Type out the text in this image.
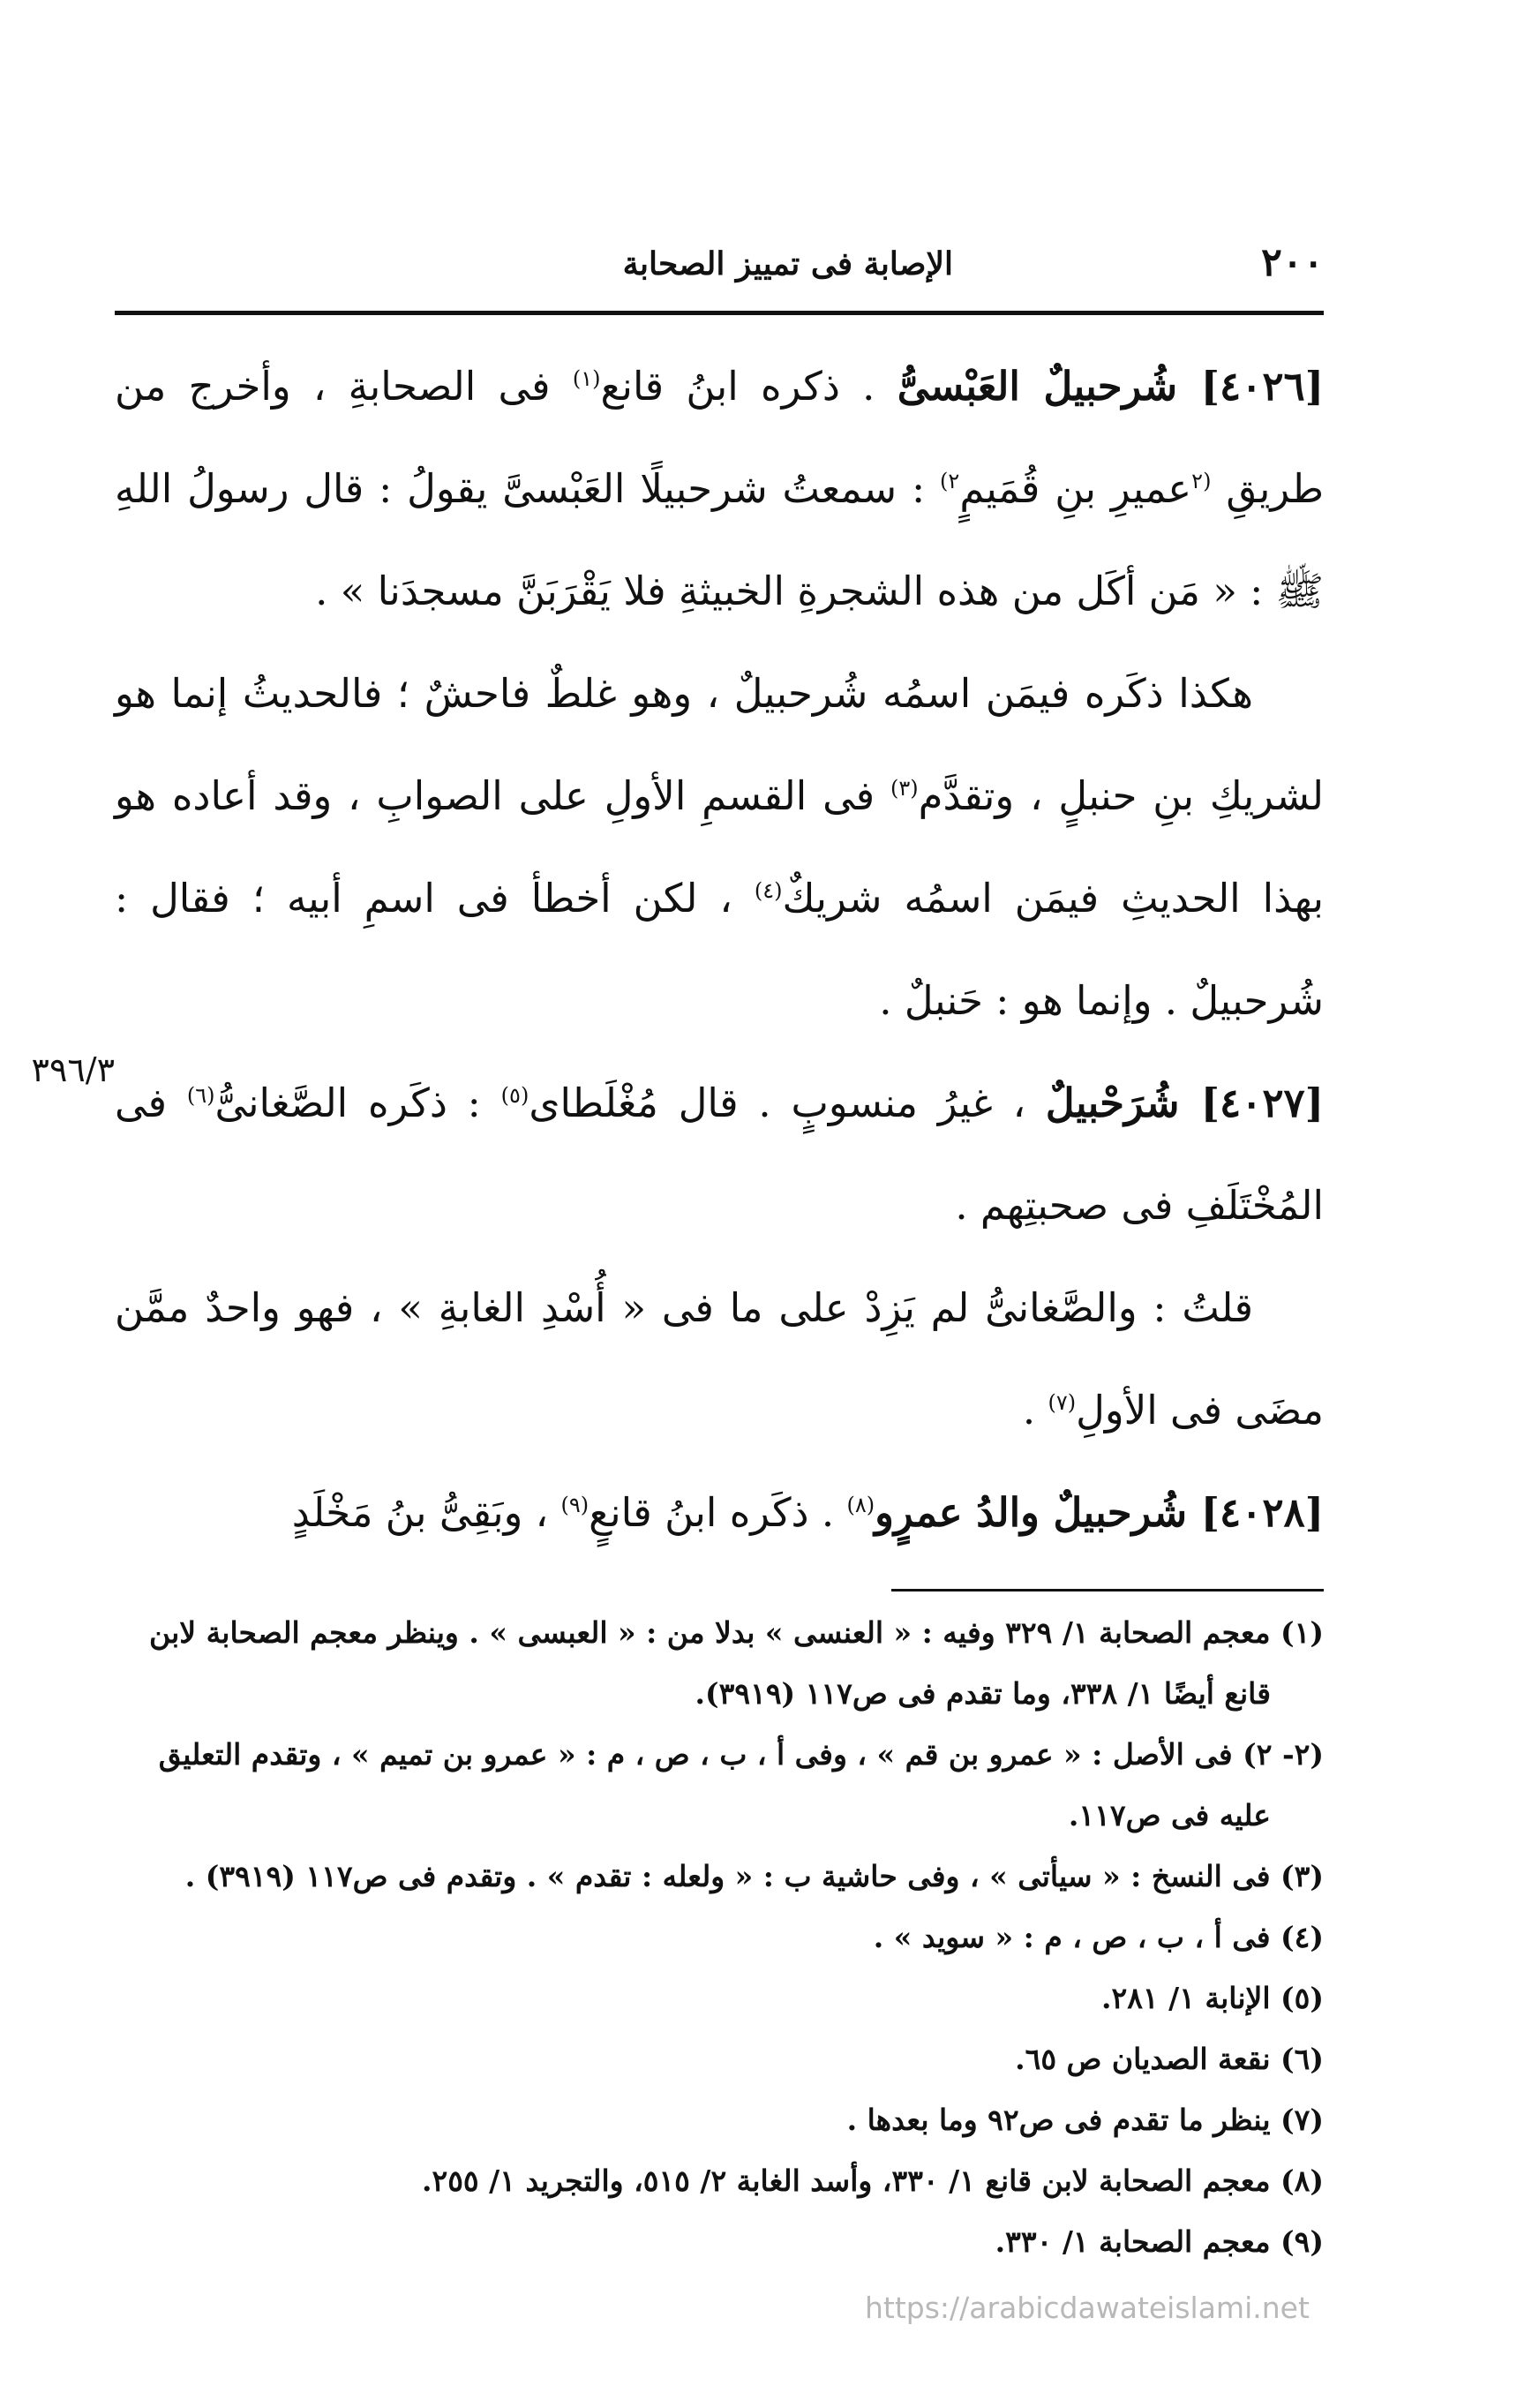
٢٠٠
الإصابة فى تمييز الصحابة
٣٩٦/٣

[٤٠٢٦] شُرحبيلٌ العَبْسىُّ . ذكره ابنُ قانع$^{(١)}$ فى الصحابةِ ، وأخرج من طريقِ $^{(٢}$عميرِ بنِ قُمَيمٍ$^{٢)}$ : سمعتُ شرحبيلًا العَبْسىَّ يقولُ : قال رسولُ اللهِ ﷺ : « مَن أكَل من هذه الشجرةِ الخبيثةِ فلا يَقْرَبَنَّ مسجدَنا » .

هكذا ذكَره فيمَن اسمُه شُرحبيلٌ ، وهو غلطٌ فاحشٌ ؛ فالحديثُ إنما هو لشريكِ بنِ حنبلٍ ، وتقدَّم$^{(٣)}$ فى القسمِ الأولِ على الصوابِ ، وقد أعاده هو بهذا الحديثِ فيمَن اسمُه شريكٌ$^{(٤)}$ ، لكن أخطأ فى اسمِ أبيه ؛ فقال : شُرحبيلٌ . وإنما هو : حَنبلٌ .

[٤٠٢٧] شُرَحْبيلٌ ، غيرُ منسوبٍ . قال مُغْلَطاى$^{(٥)}$ : ذكَره الصَّغانىُّ$^{(٦)}$ فى المُخْتَلَفِ فى صحبتِهم .

قلتُ : والصَّغانىُّ لم يَزِدْ على ما فى « أُسْدِ الغابةِ » ، فهو واحدٌ ممَّن مضَى فى الأولِ$^{(٧)}$ .

[٤٠٢٨] شُرحبيلٌ والدُ عمرٍو$^{(٨)}$ . ذكَره ابنُ قانعٍ$^{(٩)}$ ، وبَقِىُّ بنُ مَخْلَدٍ

(١) معجم الصحابة ١/ ٣٢٩ وفيه : « العنسى » بدلا من : « العبسى » . وينظر معجم الصحابة لابن
قانع أيضًا ١/ ٣٣٨، وما تقدم فى ص١١٧ (٣٩١٩).
(٢- ٢) فى الأصل : « عمرو بن قم » ، وفى أ ، ب ، ص ، م : « عمرو بن تميم » ، وتقدم التعليق
عليه فى ص١١٧.
(٣) فى النسخ : « سيأتى » ، وفى حاشية ب : « ولعله : تقدم » . وتقدم فى ص١١٧ (٣٩١٩) .
(٤) فى أ ، ب ، ص ، م : « سويد » .
(٥) الإنابة ١/ ٢٨١.
(٦) نقعة الصديان ص ٦٥.
(٧) ينظر ما تقدم فى ص٩٢ وما بعدها .
(٨) معجم الصحابة لابن قانع ١/ ٣٣٠، وأسد الغابة ٢/ ٥١٥، والتجريد ١/ ٢٥٥.
(٩) معجم الصحابة ١/ ٣٣٠.
https://arabicdawateislami.net
